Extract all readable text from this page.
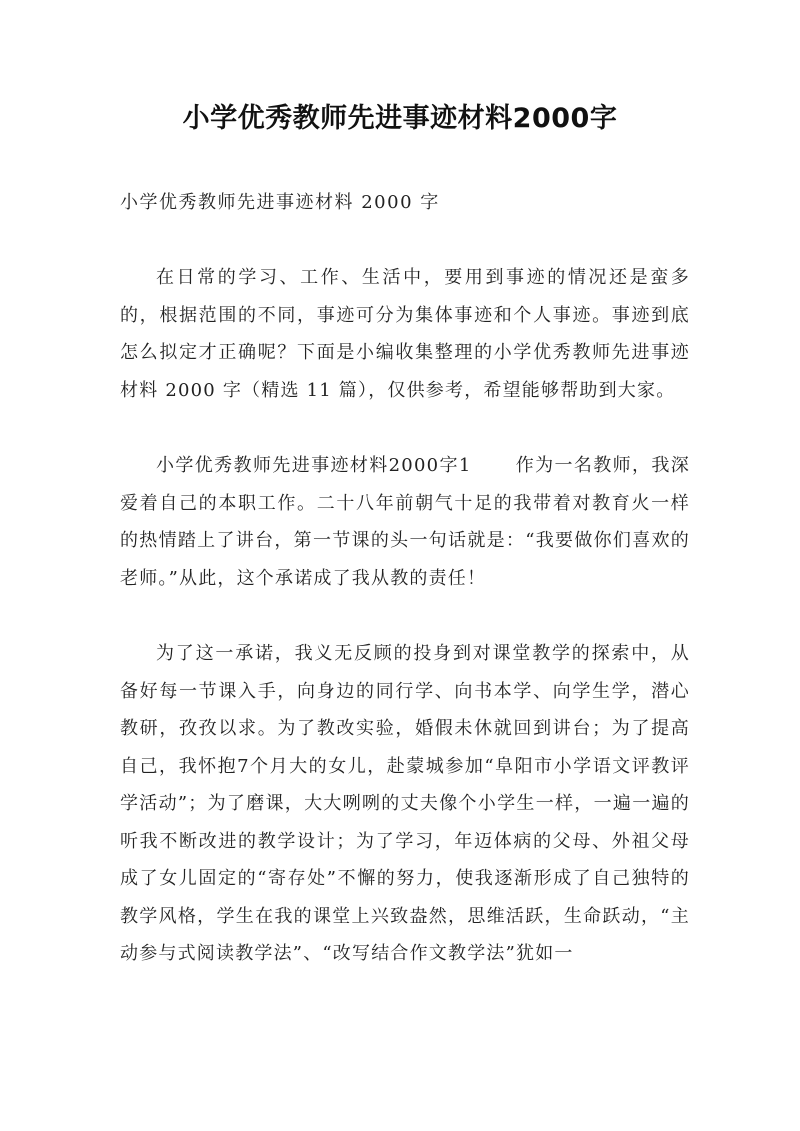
小学优秀教师先进事迹材料2000字
小学优秀教师先进事迹材料 2000 字

在日常的学习、工作、生活中，要用到事迹的情况还是蛮多的，根据范围的不同，事迹可分为集体事迹和个人事迹。事迹到底怎么拟定才正确呢？下面是小编收集整理的小学优秀教师先进事迹材料 2000 字（精选 11 篇），仅供参考，希望能够帮助到大家。

小学优秀教师先进事迹材料2000字1 作为一名教师，我深爱着自己的本职工作。二十八年前朝气十足的我带着对教育火一样的热情踏上了讲台，第一节课的头一句话就是：“我要做你们喜欢的老师。”从此，这个承诺成了我从教的责任！

为了这一承诺，我义无反顾的投身到对课堂教学的探索中，从备好每一节课入手，向身边的同行学、向书本学、向学生学，潜心教研，孜孜以求。为了教改实验，婚假未休就回到讲台；为了提高自己，我怀抱7个月大的女儿，赴蒙城参加“阜阳市小学语文评教评学活动”；为了磨课，大大咧咧的丈夫像个小学生一样，一遍一遍的听我不断改进的教学设计；为了学习，年迈体病的父母、外祖父母成了女儿固定的“寄存处”不懈的努力，使我逐渐形成了自己独特的教学风格，学生在我的课堂上兴致盎然，思维活跃，生命跃动，“主动参与式阅读教学法”、“改写结合作文教学法”犹如一
